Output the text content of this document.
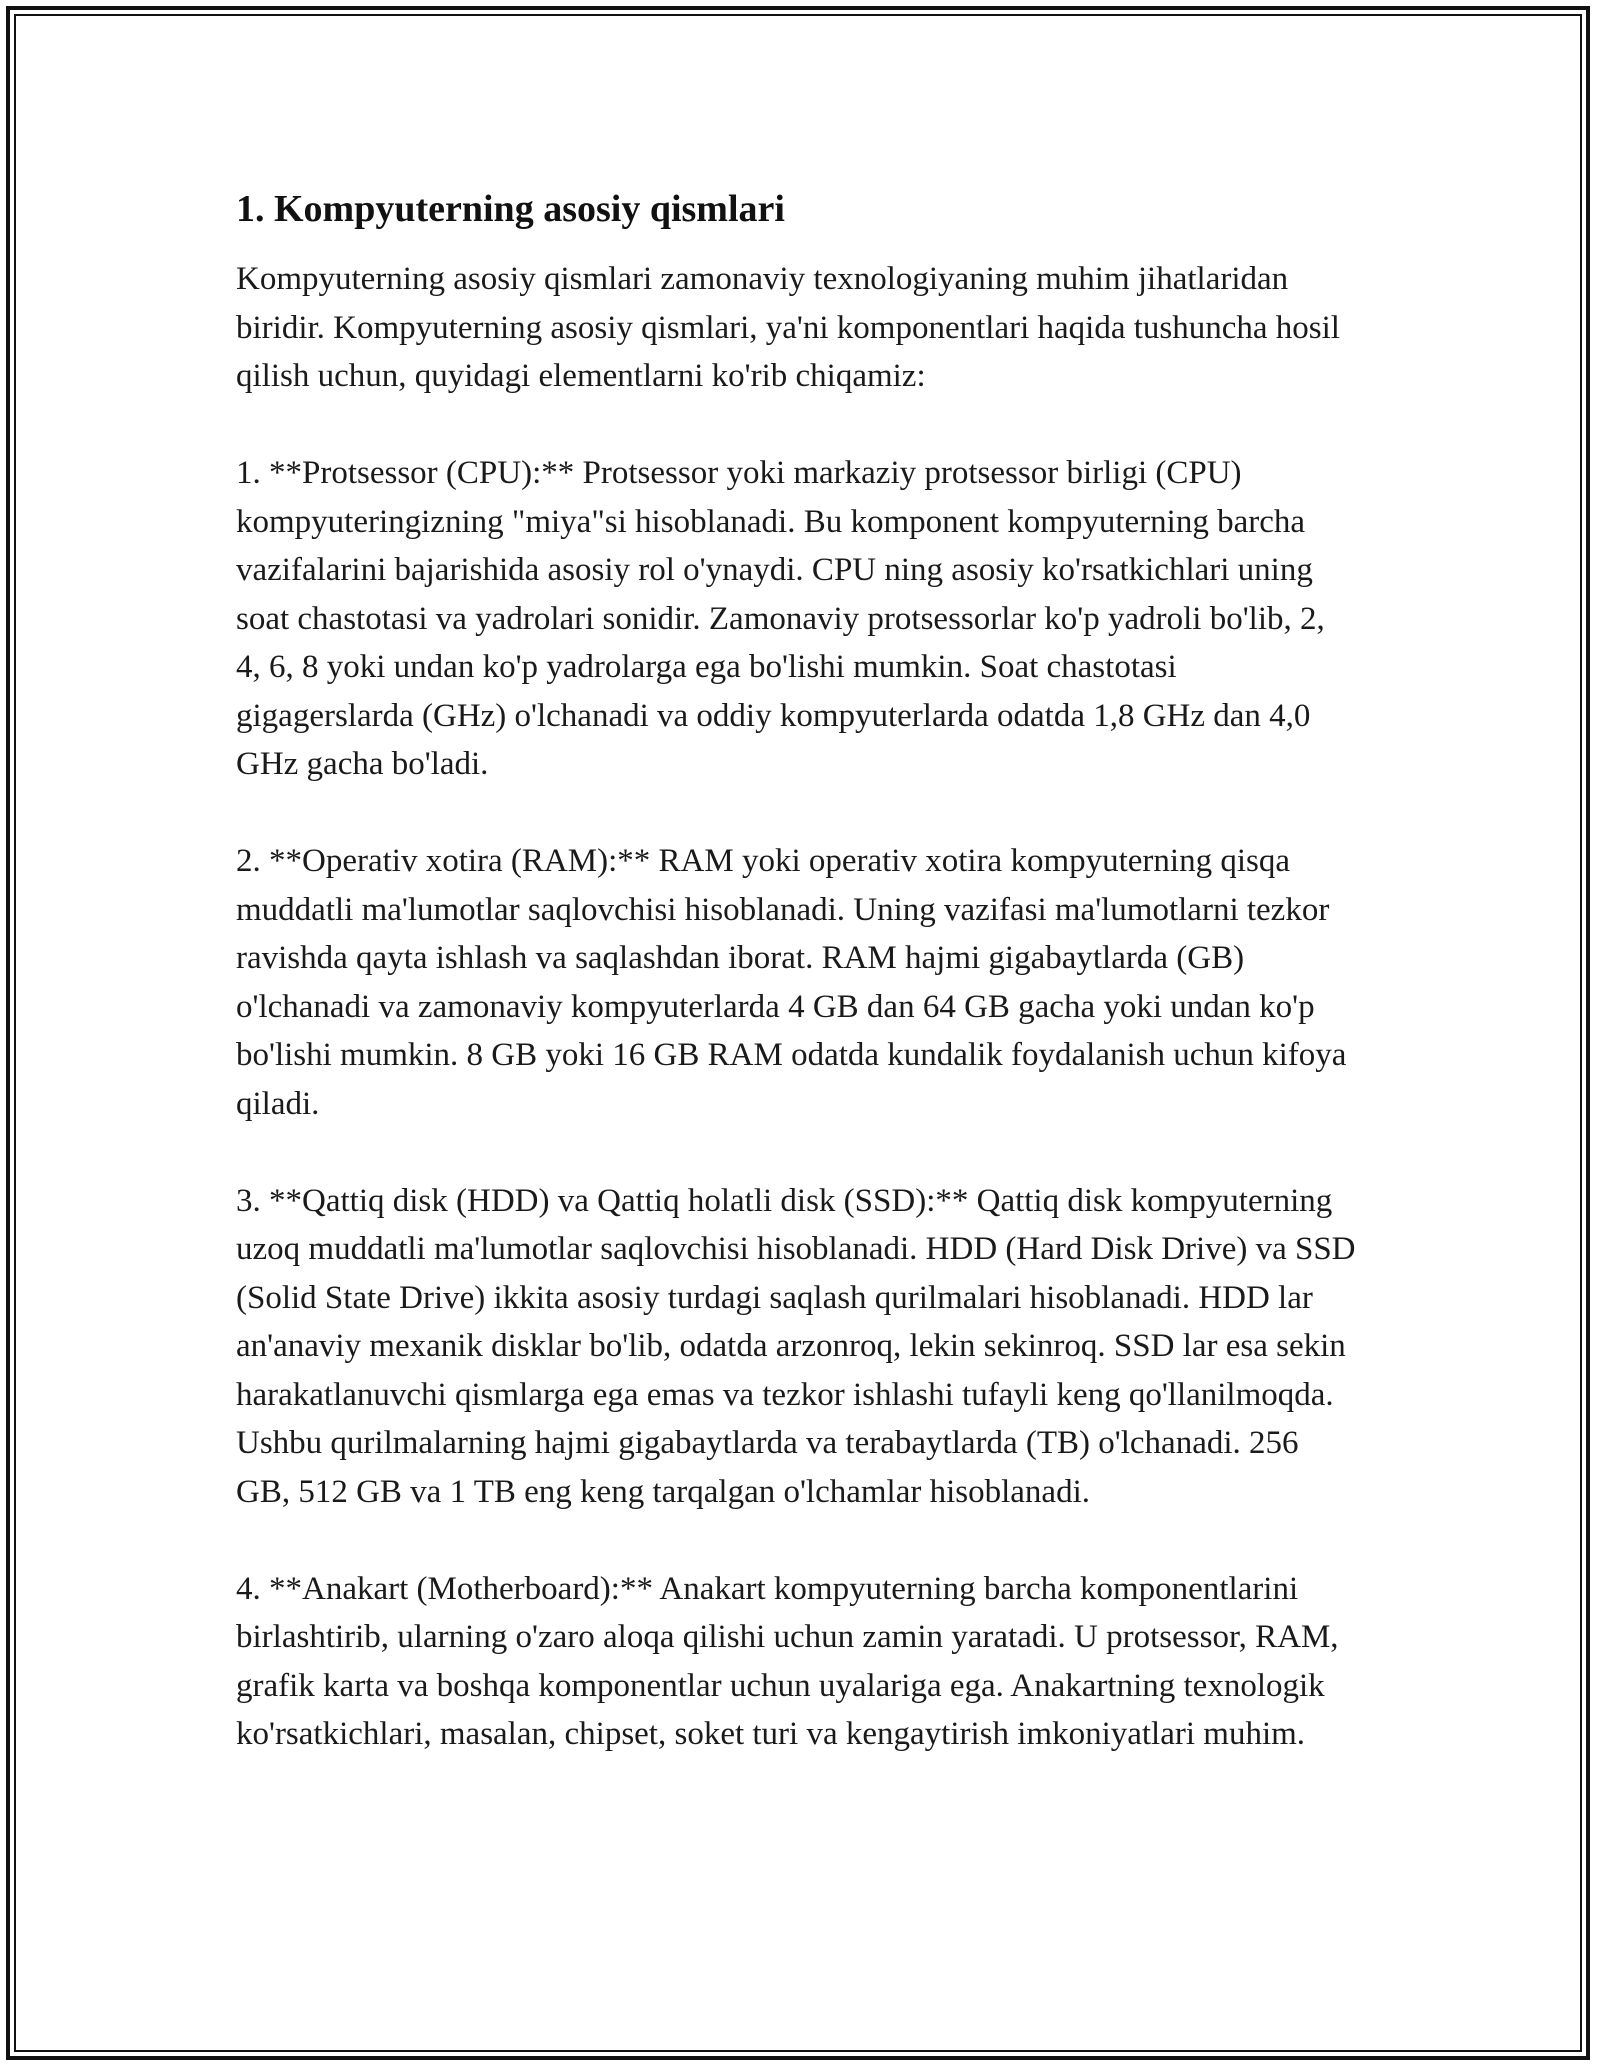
1. Kompyuterning asosiy qismlari

Kompyuterning asosiy qismlari zamonaviy texnologiyaning muhim jihatlaridan biridir. Kompyuterning asosiy qismlari, ya'ni komponentlari haqida tushuncha hosil qilish uchun, quyidagi elementlarni ko'rib chiqamiz:

1. **Protsessor (CPU):** Protsessor yoki markaziy protsessor birligi (CPU) kompyuteringizning "miya"si hisoblanadi. Bu komponent kompyuterning barcha vazifalarini bajarishida asosiy rol o'ynaydi. CPU ning asosiy ko'rsatkichlari uning soat chastotasi va yadrolari sonidir. Zamonaviy protsessorlar ko'p yadroli bo'lib, 2, 4, 6, 8 yoki undan ko'p yadrolarga ega bo'lishi mumkin. Soat chastotasi gigagerslarda (GHz) o'lchanadi va oddiy kompyuterlarda odatda 1,8 GHz dan 4,0 GHz gacha bo'ladi.

2. **Operativ xotira (RAM):** RAM yoki operativ xotira kompyuterning qisqa muddatli ma'lumotlar saqlovchisi hisoblanadi. Uning vazifasi ma'lumotlarni tezkor ravishda qayta ishlash va saqlashdan iborat. RAM hajmi gigabaytlarda (GB) o'lchanadi va zamonaviy kompyuterlarda 4 GB dan 64 GB gacha yoki undan ko'p bo'lishi mumkin. 8 GB yoki 16 GB RAM odatda kundalik foydalanish uchun kifoya qiladi.

3. **Qattiq disk (HDD) va Qattiq holatli disk (SSD):** Qattiq disk kompyuterning uzoq muddatli ma'lumotlar saqlovchisi hisoblanadi. HDD (Hard Disk Drive) va SSD (Solid State Drive) ikkita asosiy turdagi saqlash qurilmalari hisoblanadi. HDD lar an'anaviy mexanik disklar bo'lib, odatda arzonroq, lekin sekinroq. SSD lar esa sekin harakatlanuvchi qismlarga ega emas va tezkor ishlashi tufayli keng qo'llanilmoqda. Ushbu qurilmalarning hajmi gigabaytlarda va terabaytlarda (TB) o'lchanadi. 256 GB, 512 GB va 1 TB eng keng tarqalgan o'lchamlar hisoblanadi.

4. **Anakart (Motherboard):** Anakart kompyuterning barcha komponentlarini birlashtirib, ularning o'zaro aloqa qilishi uchun zamin yaratadi. U protsessor, RAM, grafik karta va boshqa komponentlar uchun uyalariga ega. Anakartning texnologik ko'rsatkichlari, masalan, chipset, soket turi va kengaytirish imkoniyatlari muhim.
